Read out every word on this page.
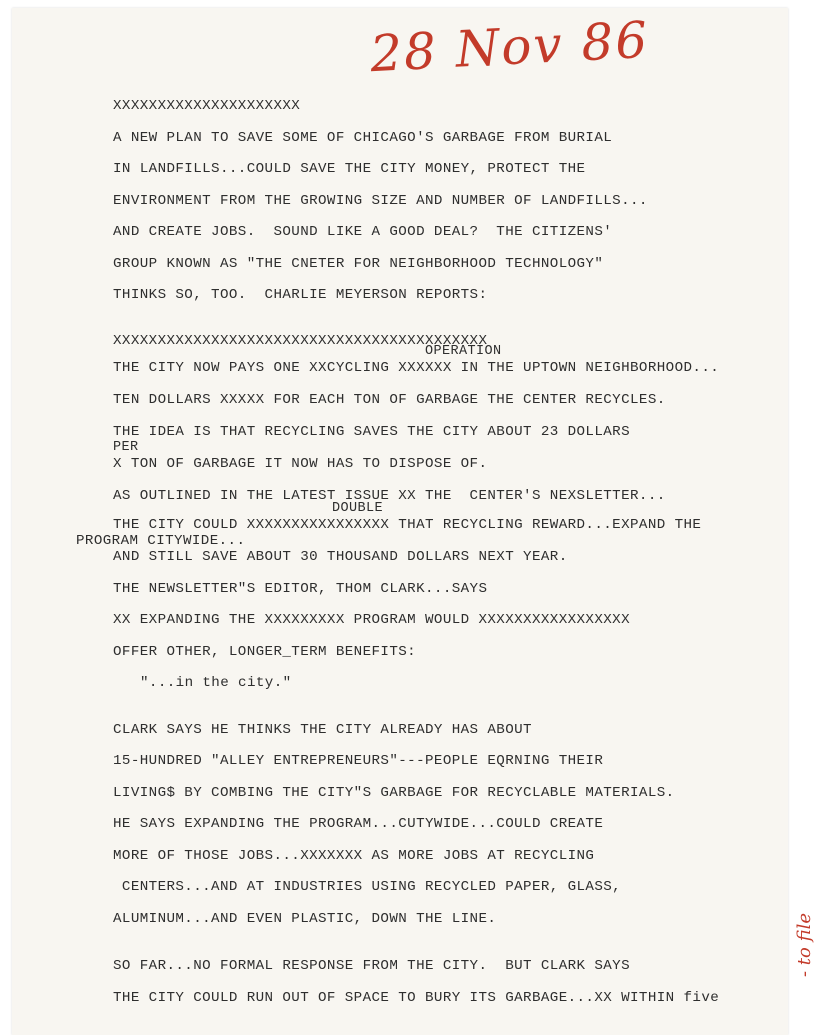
28 Nov 86
- to file
XXXXXXXXXXXXXXXXXXXXX
A NEW PLAN TO SAVE SOME OF CHICAGO'S GARBAGE FROM BURIAL
IN LANDFILLS...COULD SAVE THE CITY MONEY, PROTECT THE
ENVIRONMENT FROM THE GROWING SIZE AND NUMBER OF LANDFILLS...
AND CREATE JOBS.  SOUND LIKE A GOOD DEAL?  THE CITIZENS'
GROUP KNOWN AS "THE CNETER FOR NEIGHBORHOOD TECHNOLOGY"
THINKS SO, TOO.  CHARLIE MEYERSON REPORTS:
XXXXXXXXXXXXXXXXXXXXXXXXXXXXXXXXXXXXXXXXXX
OPERATION
THE CITY NOW PAYS ONE XXCYCLING XXXXXX IN THE UPTOWN NEIGHBORHOOD...
TEN DOLLARS XXXXX FOR EACH TON OF GARBAGE THE CENTER RECYCLES.
THE IDEA IS THAT RECYCLING SAVES THE CITY ABOUT 23 DOLLARS
PER
X TON OF GARBAGE IT NOW HAS TO DISPOSE OF.
AS OUTLINED IN THE LATEST ISSUE XX THE  CENTER'S NEXSLETTER...
DOUBLE
THE CITY COULD XXXXXXXXXXXXXXXX THAT RECYCLING REWARD...EXPAND THE
PROGRAM CITYWIDE...
AND STILL SAVE ABOUT 30 THOUSAND DOLLARS NEXT YEAR.
THE NEWSLETTER"S EDITOR, THOM CLARK...SAYS
XX EXPANDING THE XXXXXXXXX PROGRAM WOULD XXXXXXXXXXXXXXXXX
OFFER OTHER, LONGER_TERM BENEFITS:
"...in the city."
CLARK SAYS HE THINKS THE CITY ALREADY HAS ABOUT
15-HUNDRED "ALLEY ENTREPRENEURS"---PEOPLE EQRNING THEIR
LIVING$ BY COMBING THE CITY"S GARBAGE FOR RECYCLABLE MATERIALS.
HE SAYS EXPANDING THE PROGRAM...CUTYWIDE...COULD CREATE
MORE OF THOSE JOBS...XXXXXXX AS MORE JOBS AT RECYCLING
CENTERS...AND AT INDUSTRIES USING RECYCLED PAPER, GLASS,
ALUMINUM...AND EVEN PLASTIC, DOWN THE LINE.
SO FAR...NO FORMAL RESPONSE FROM THE CITY.  BUT CLARK SAYS
THE CITY COULD RUN OUT OF SPACE TO BURY ITS GARBAGE...XX WITHIN five
